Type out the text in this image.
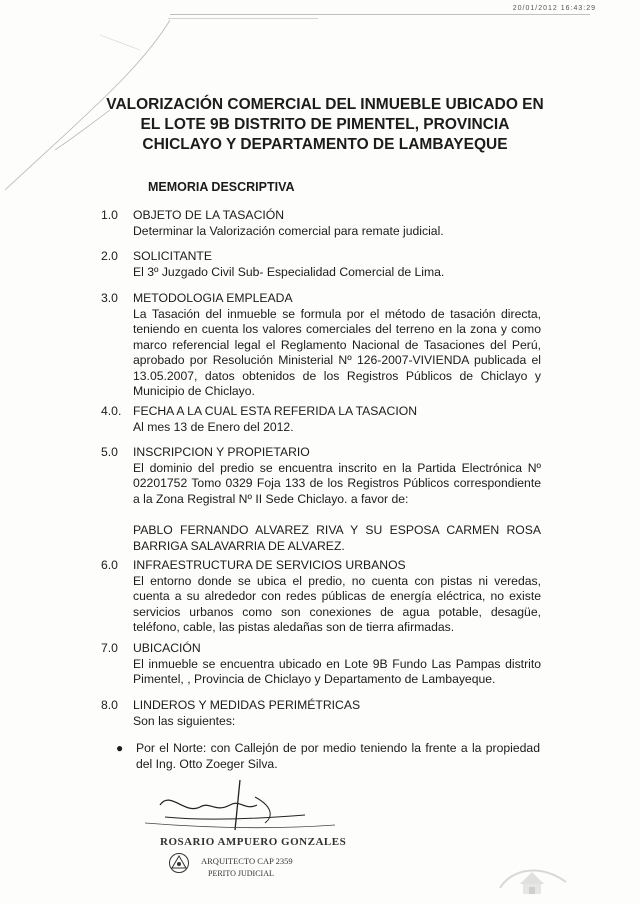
20/01/2012 16:43:29
VALORIZACIÓN COMERCIAL DEL INMUEBLE UBICADO EN EL LOTE 9B DISTRITO DE PIMENTEL, PROVINCIA CHICLAYO Y DEPARTAMENTO DE LAMBAYEQUE
MEMORIA DESCRIPTIVA
1.0	OBJETO DE LA TASACIÓN
Determinar la Valorización comercial para remate judicial.
2.0	SOLICITANTE
El 3º Juzgado Civil Sub- Especialidad Comercial de Lima.
3.0	METODOLOGIA EMPLEADA
La Tasación del inmueble se formula por el método de tasación directa, teniendo en cuenta los valores comerciales del terreno en la zona y como marco referencial legal el Reglamento Nacional de Tasaciones del Perú, aprobado por Resolución Ministerial Nº 126-2007-VIVIENDA publicada el 13.05.2007, datos obtenidos de los Registros Públicos de Chiclayo y Municipio de Chiclayo.
4.0. FECHA A LA CUAL ESTA REFERIDA LA TASACION
Al mes 13 de Enero del 2012.
5.0	INSCRIPCION Y PROPIETARIO
El dominio del predio se encuentra inscrito en la Partida Electrónica Nº 02201752 Tomo 0329 Foja 133 de los Registros Públicos correspondiente a la Zona Registral Nº II Sede Chiclayo. a favor de:
PABLO FERNANDO ALVAREZ RIVA Y SU ESPOSA CARMEN ROSA BARRIGA SALAVARRIA DE ALVAREZ.
6.0	INFRAESTRUCTURA DE SERVICIOS URBANOS
El entorno donde se ubica el predio, no cuenta con pistas ni veredas, cuenta a su alrededor con redes públicas de energía eléctrica, no existe servicios urbanos como son conexiones de agua potable, desagüe, teléfono, cable, las pistas aledañas son de tierra afirmadas.
7.0	UBICACIÓN
El inmueble se encuentra ubicado en Lote 9B Fundo Las Pampas distrito Pimentel, , Provincia de Chiclayo y Departamento de Lambayeque.
8.0	LINDEROS Y MEDIDAS PERIMÉTRICAS
Son las siguientes:
●	Por el Norte: con Callejón de por medio teniendo la frente a la propiedad del Ing. Otto Zoeger Silva.
ROSARIO AMPUERO GONZALES
ARQUITECTO CAP 2359
PERITO JUDICIAL
